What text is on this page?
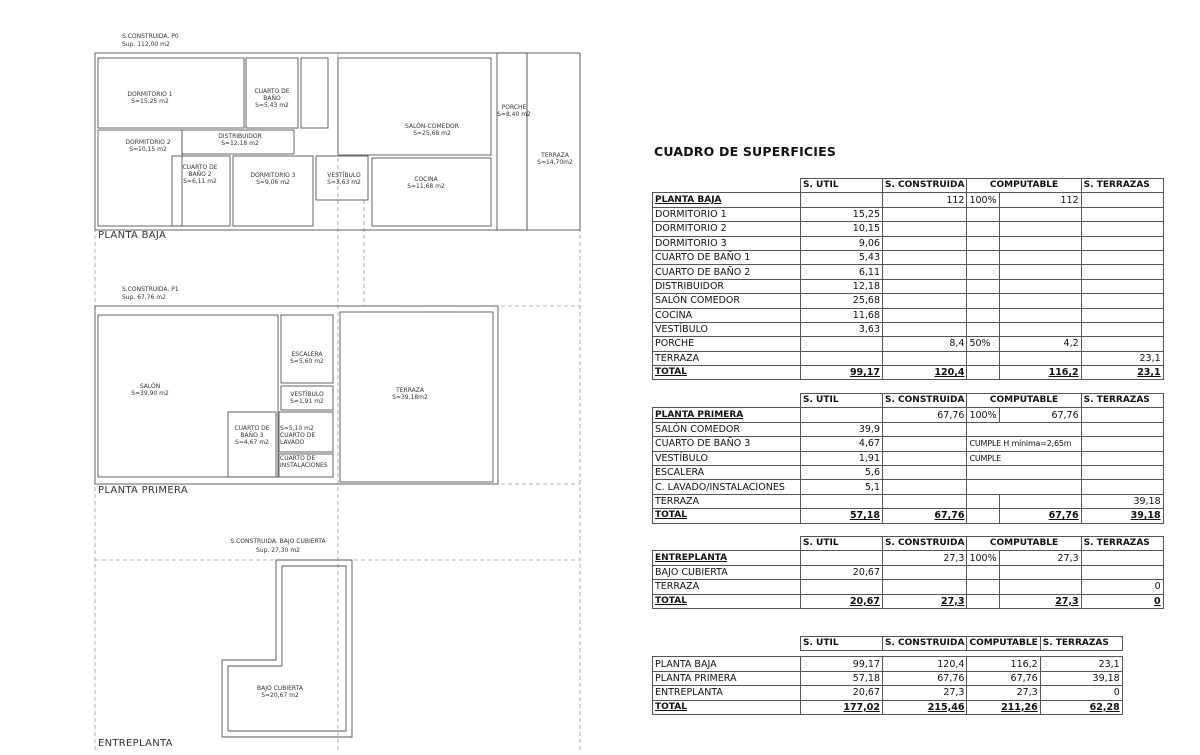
S.CONSTRUIDA. P0
Sup. 112,00 m2
PLANTA BAJA
DORMITORIO 1
S=15,25 m2
CUARTO DE BAÑO
S=5,43 m2	PORCHE
S=8,40 m2
SALÓN-COMEDOR
S=25,68 m2
DORMITORIO 2
S=10,15 m2
DISTRIBUIDOR
S=12,18 m2
TERRAZA
S=14,70m2
CUARTO DE BAÑO 2
S=6,11 m2
DORMITORIO 3
S=9,06 m2
VESTÍBULO
S=3,63 m2	COCINA
S=11,68 m2
S.CONSTRUIDA. P1
Sup. 67,76 m2
PLANTA PRIMERA
ESCALERA
S=5,60 m2
SALÓN
S=39,90 m2	VESTÍBULO
S=1,91 m2
TERRAZA
S=39,18m2
CUARTO DE BAÑO 3
S=4,67 m2
S=5,10 m2
CUARTO DE LAVADO
CUARTO DE INSTALACIONES
S.CONSTRUIDA. BAJO CUBIERTA
Sup. 27,30 m2
ENTREPLANTA
BAJO CUBIERTA
S=20,67 m2
CUADRO DE SUPERFICIES
	S. UTIL	S. CONSTRUIDA	COMPUTABLE		S. TERRAZAS
PLANTA BAJA		112	100%	112	
DORMITORIO 1	15,25				
DORMITORIO 2	10,15				
DORMITORIO 3	9,06				
CUARTO DE BAÑO 1	5,43				
CUARTO DE BAÑO 2	6,11				
DISTRIBUIDOR	12,18				
SALÓN COMEDOR	25,68				
COCINA	11,68				
VESTÍBULO	3,63				
PORCHE		8,4	50%	4,2	
TERRAZA					23,1
TOTAL	99,17	120,4		116,2	23,1
	S. UTIL	S. CONSTRUIDA	COMPUTABLE		S. TERRAZAS
PLANTA PRIMERA		67,76	100%	67,76	
SALÓN COMEDOR	39,9				
CUARTO DE BAÑO 3	4,67		CUMPLE H mínima=2,65m		
VESTÍBULO	1,91		CUMPLE		
ESCALERA	5,6				
C. LAVADO/INSTALACIONES	5,1				
TERRAZA					39,18
TOTAL	57,18	67,76		67,76	39,18
	S. UTIL	S. CONSTRUIDA	COMPUTABLE		S. TERRAZAS
ENTREPLANTA		27,3	100%	27,3	
BAJO CUBIERTA	20,67				
TERRAZA					0
TOTAL	20,67	27,3		27,3	0
	S. UTIL	S. CONSTRUIDA	COMPUTABLE	S. TERRAZAS

PLANTA BAJA	99,17	120,4	116,2	23,1
PLANTA PRIMERA	57,18	67,76	67,76	39,18
ENTREPLANTA	20,67	27,3	27,3	0
TOTAL	177,02	215,46	211,26	62,28
